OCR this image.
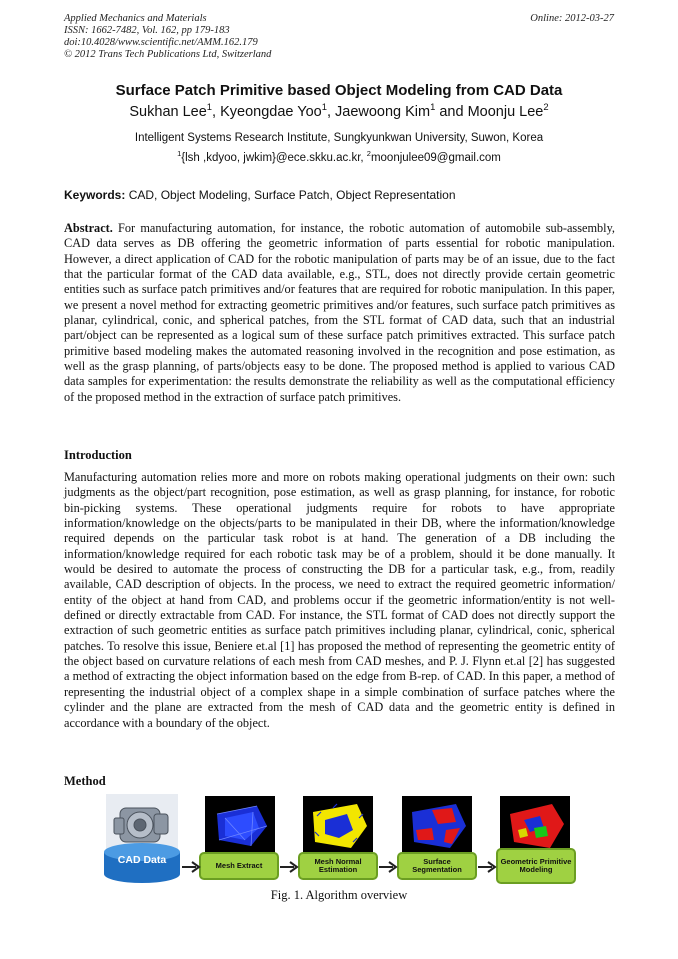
Applied Mechanics and Materials	Online: 2012-03-27
ISSN: 1662-7482, Vol. 162, pp 179-183
doi:10.4028/www.scientific.net/AMM.162.179
© 2012 Trans Tech Publications Ltd, Switzerland
Surface Patch Primitive based Object Modeling from CAD Data
Sukhan Lee$^1$, Kyeongdae Yoo$^1$, Jaewoong Kim$^1$ and Moonju Lee$^2$
Intelligent Systems Research Institute, Sungkyunkwan University, Suwon, Korea
$^1${lsh ,kdyoo, jwkim}@ece.skku.ac.kr, $^2$moonjulee09@gmail.com
Keywords: CAD, Object Modeling, Surface Patch, Object Representation
Abstract. For manufacturing automation, for instance, the robotic automation of automobile sub-assembly, CAD data serves as DB offering the geometric information of parts essential for robotic manipulation. However, a direct application of CAD for the robotic manipulation of parts may be of an issue, due to the fact that the particular format of the CAD data available, e.g., STL, does not directly provide certain geometric entities such as surface patch primitives and/or features that are required for robotic manipulation. In this paper, we present a novel method for extracting geometric primitives and/or features, such surface patch primitives as planar, cylindrical, conic, and spherical patches, from the STL format of CAD data, such that an industrial part/object can be represented as a logical sum of these surface patch primitives extracted. This surface patch primitive based modeling makes the automated reasoning involved in the recognition and pose estimation, as well as the grasp planning, of parts/objects easy to be done. The proposed method is applied to various CAD data samples for experimentation: the results demonstrate the reliability as well as the computational efficiency of the proposed method in the extraction of surface patch primitives.
Introduction
Manufacturing automation relies more and more on robots making operational judgments on their own: such judgments as the object/part recognition, pose estimation, as well as grasp planning, for instance, for robotic bin-picking systems. These operational judgments require for robots to have appropriate information/knowledge on the objects/parts to be manipulated in their DB, where the information/knowledge required depends on the particular task robot is at hand. The generation of a DB including the information/knowledge required for each robotic task may be of a problem, should it be done manually. It would be desired to automate the process of constructing the DB for a particular task, e.g., from, readily available, CAD description of objects. In the process, we need to extract the required geometric information/ entity of the object at hand from CAD, and problems occur if the geometric information/entity is not well-defined or directly extractable from CAD. For instance, the STL format of CAD does not directly support the extraction of such geometric entities as surface patch primitives including planar, cylindrical, conic, spherical patches. To resolve this issue, Beniere et.al [1] has proposed the method of representing the geometric entity of the object based on curvature relations of each mesh from CAD meshes, and P. J. Flynn et.al [2] has suggested a method of extracting the object information based on the edge from B-rep. of CAD. In this paper, a method of representing the industrial object of a complex shape in a simple combination of surface patches where the cylinder and the plane are extracted from the mesh of CAD data and the geometric entity is defined in accordance with a boundary of the object.
Method
CAD Data	Mesh Extract	Mesh Normal Estimation
Surface Segmentation
Geometric Primitive Modeling
Fig. 1. Algorithm overview
